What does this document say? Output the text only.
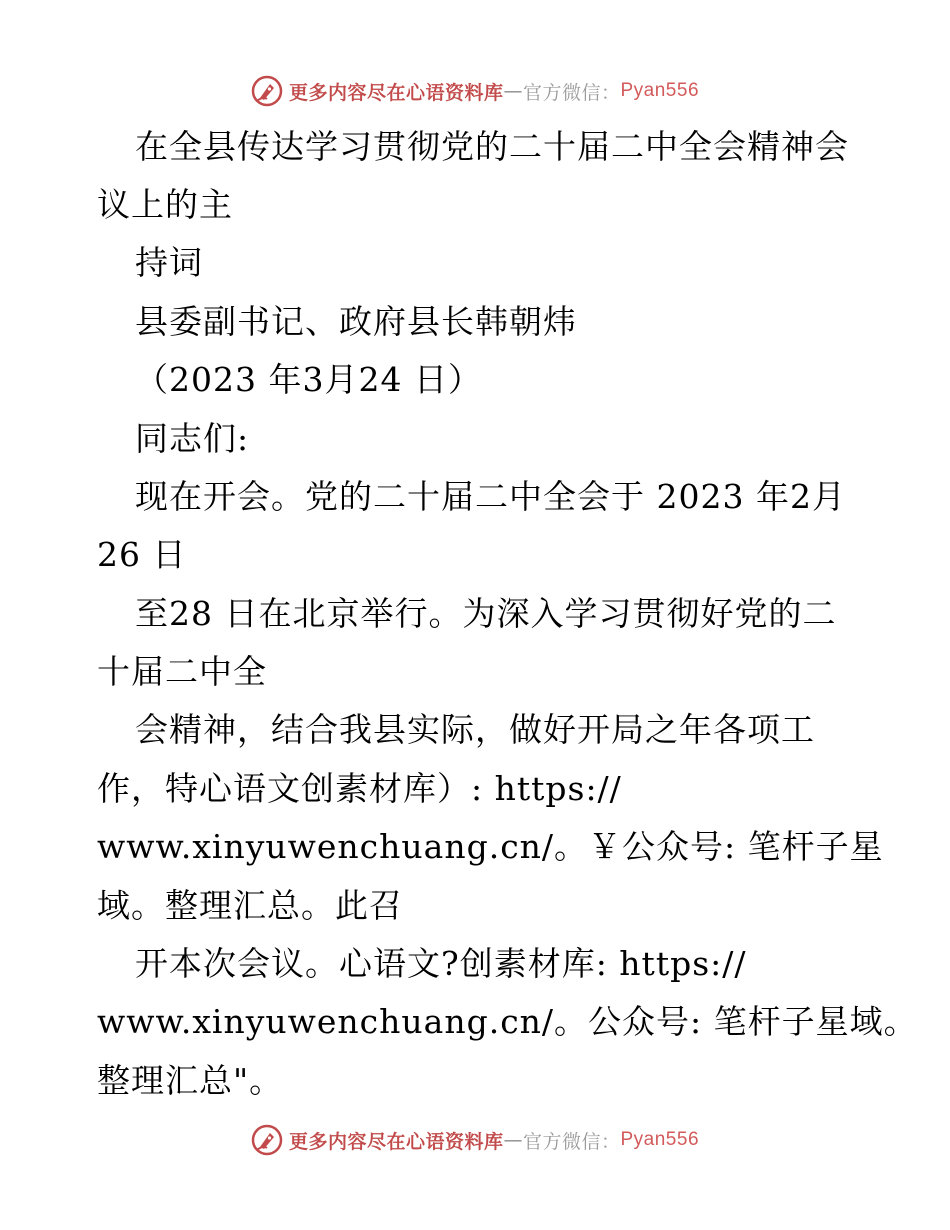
更多内容尽在心语资料库 — 官方微信： Pyan556
在全县传达学习贯彻党的二十届二中全会精神会
议上的主
持词
县委副书记、政府县长韩朝炜
（2023 年3月24 日）
同志们:
现在开会。党的二十届二中全会于 2023 年2月
26 日
至28 日在北京举行。为深入学习贯彻好党的二
十届二中全
会精神，结合我县实际，做好开局之年各项工
作，特心语文创素材库）: https://
www.xinyuwenchuang.cn/。￥公众号: 笔杆子星
域。整理汇总。此召
开本次会议。心语文?创素材库: https://
www.xinyuwenchuang.cn/。公众号: 笔杆子星域。
整理汇总"。
更多内容尽在心语资料库 — 官方微信： Pyan556
